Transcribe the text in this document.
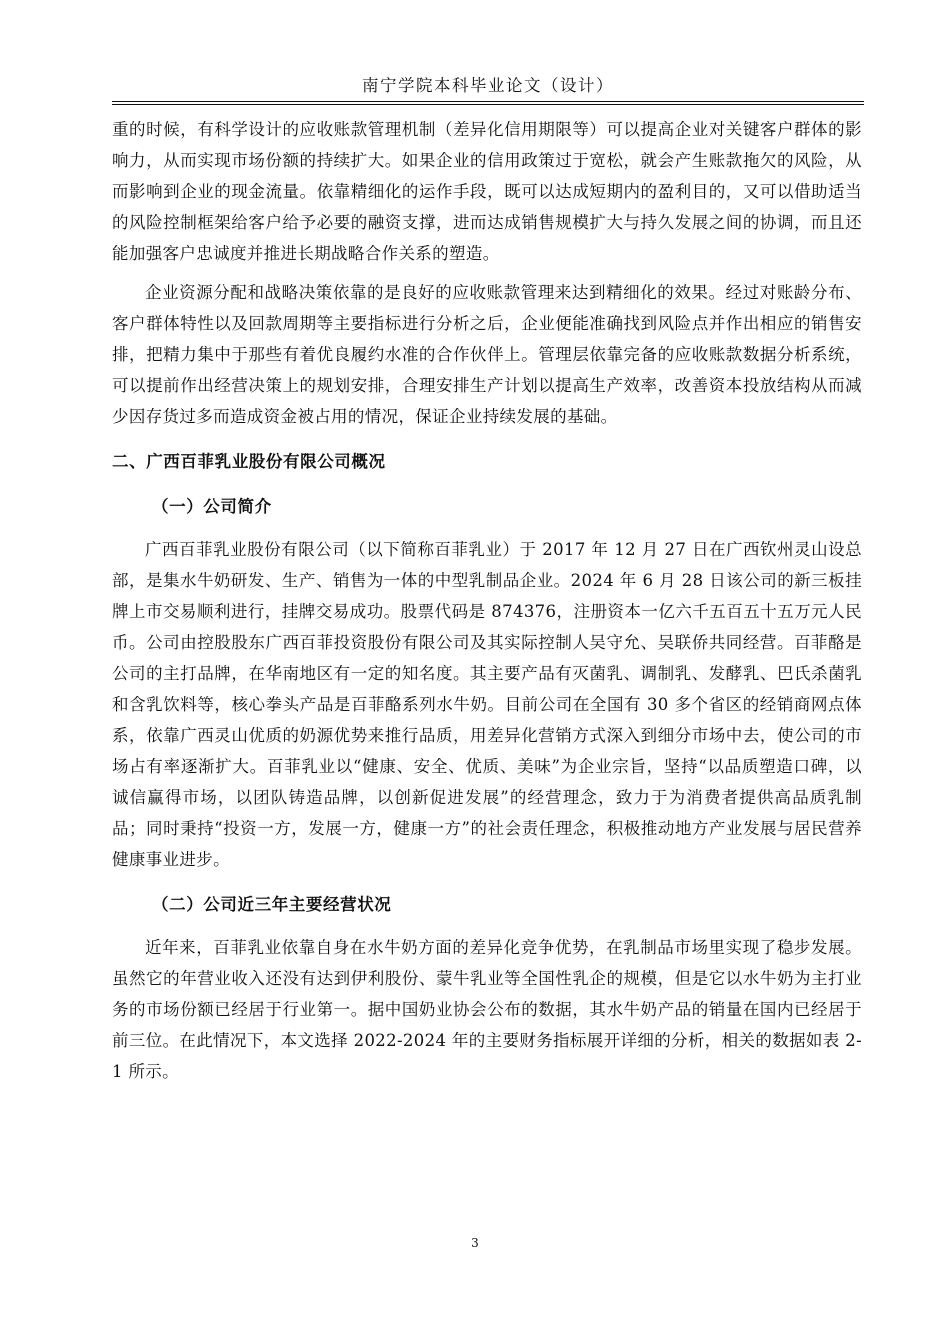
南宁学院本科毕业论文（设计）

重的时候，有科学设计的应收账款管理机制（差异化信用期限等）可以提高企业对关键客户群体的影响力，从而实现市场份额的持续扩大。如果企业的信用政策过于宽松，就会产生账款拖欠的风险，从而影响到企业的现金流量。依靠精细化的运作手段，既可以达成短期内的盈利目的，又可以借助适当的风险控制框架给客户给予必要的融资支撑，进而达成销售规模扩大与持久发展之间的协调，而且还能加强客户忠诚度并推进长期战略合作关系的塑造。

企业资源分配和战略决策依靠的是良好的应收账款管理来达到精细化的效果。经过对账龄分布、客户群体特性以及回款周期等主要指标进行分析之后，企业便能准确找到风险点并作出相应的销售安排，把精力集中于那些有着优良履约水准的合作伙伴上。管理层依靠完备的应收账款数据分析系统，可以提前作出经营决策上的规划安排，合理安排生产计划以提高生产效率，改善资本投放结构从而减少因存货过多而造成资金被占用的情况，保证企业持续发展的基础。

二、广西百菲乳业股份有限公司概况
（一）公司简介

广西百菲乳业股份有限公司（以下简称百菲乳业）于 2017 年 12 月 27 日在广西钦州灵山设总部，是集水牛奶研发、生产、销售为一体的中型乳制品企业。2024 年 6 月 28 日该公司的新三板挂牌上市交易顺利进行，挂牌交易成功。股票代码是 874376，注册资本一亿六千五百五十五万元人民币。公司由控股股东广西百菲投资股份有限公司及其实际控制人吴守允、吴联侨共同经营。百菲酪是公司的主打品牌，在华南地区有一定的知名度。其主要产品有灭菌乳、调制乳、发酵乳、巴氏杀菌乳和含乳饮料等，核心拳头产品是百菲酪系列水牛奶。目前公司在全国有 30 多个省区的经销商网点体系，依靠广西灵山优质的奶源优势来推行品质，用差异化营销方式深入到细分市场中去，使公司的市场占有率逐渐扩大。百菲乳业以“健康、安全、优质、美味”为企业宗旨，坚持“以品质塑造口碑，以诚信赢得市场，以团队铸造品牌，以创新促进发展”的经营理念，致力于为消费者提供高品质乳制品；同时秉持“投资一方，发展一方，健康一方”的社会责任理念，积极推动地方产业发展与居民营养健康事业进步。

（二）公司近三年主要经营状况

近年来，百菲乳业依靠自身在水牛奶方面的差异化竞争优势，在乳制品市场里实现了稳步发展。虽然它的年营业收入还没有达到伊利股份、蒙牛乳业等全国性乳企的规模，但是它以水牛奶为主打业务的市场份额已经居于行业第一。据中国奶业协会公布的数据，其水牛奶产品的销量在国内已经居于前三位。在此情况下，本文选择 2022-2024 年的主要财务指标展开详细的分析，相关的数据如表 2-1 所示。

3
